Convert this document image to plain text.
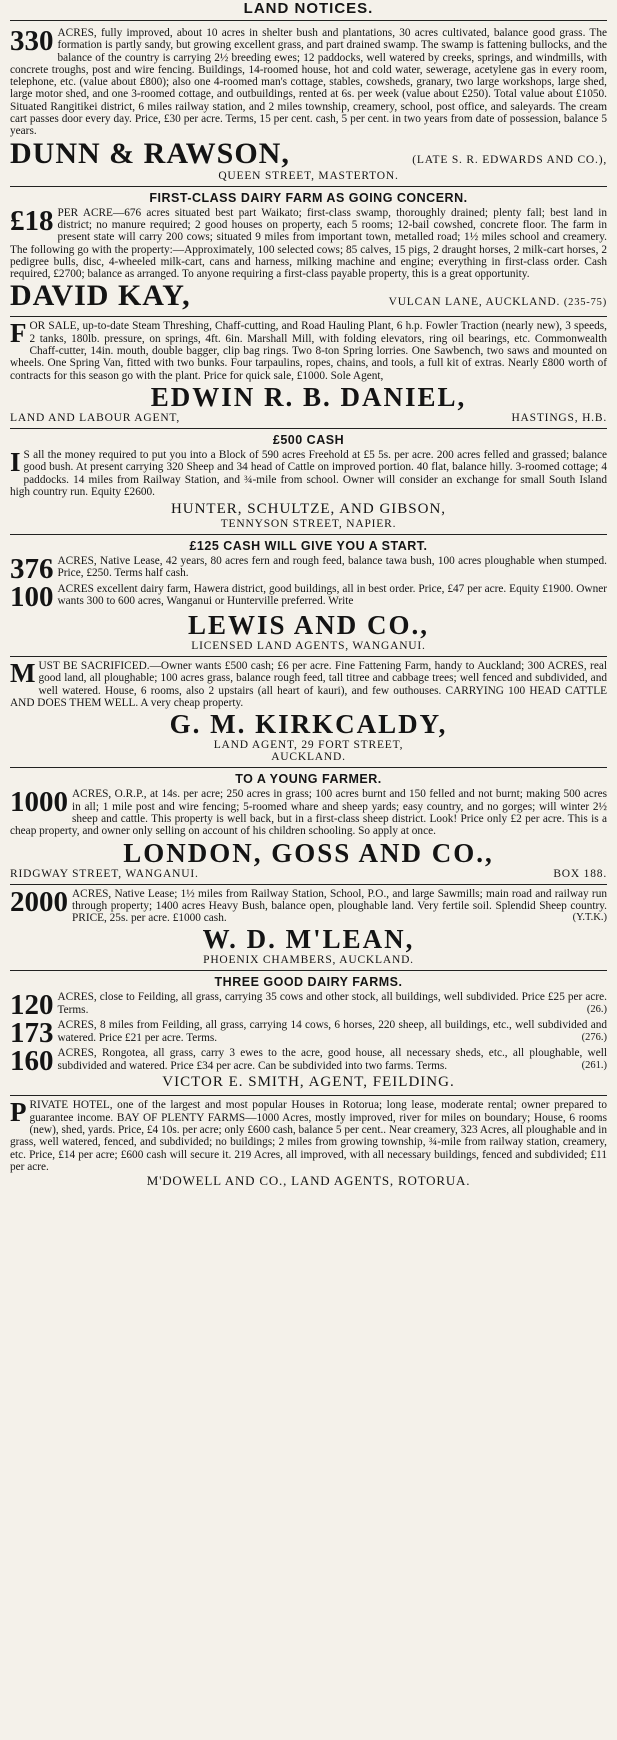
LAND NOTICES.
330 ACRES, fully improved, about 10 acres in shelter bush and plantations, 30 acres cultivated, balance good grass. The formation is partly sandy, but growing excellent grass, and part drained swamp. The swamp is fattening bullocks, and the balance of the country is carrying 2½ breeding ewes; 12 paddocks, well watered by creeks, springs, and windmills, with concrete troughs, post and wire fencing. Buildings, 14-roomed house, hot and cold water, sewerage, acetylene gas in every room, telephone, etc. (value about £800); also one 4-roomed man's cottage, stables, cowsheds, granary, two large workshops, large shed, large motor shed, and one 3-roomed cottage, and outbuildings, rented at 6s. per week (value about £250). Total value about £1050. Situated Rangitikei district, 6 miles railway station, and 2 miles township, creamery, school, post office, and saleyards. The cream cart passes door every day. Price, £30 per acre. Terms, 15 per cent. cash, 5 per cent. in two years from date of possession, balance 5 years.
DUNN & RAWSON,	(LATE S. R. EDWARDS AND CO.),
QUEEN STREET, MASTERTON.
FIRST-CLASS DAIRY FARM AS GOING CONCERN.
£18 PER ACRE—676 acres situated best part Waikato; first-class swamp, thoroughly drained; plenty fall; best land in district; no manure required; 2 good houses on property, each 5 rooms; 12-bail cowshed, concrete floor. The farm in present state will carry 200 cows; situated 9 miles from important town, metalled road; 1½ miles school and creamery. The following go with the property:—Approximately, 100 selected cows; 85 calves, 15 pigs, 2 draught horses, 2 milk-cart horses, 2 pedigree bulls, disc, 4-wheeled milk-cart, cans and harness, milking machine and engine; everything in first-class order. Cash required, £2700; balance as arranged. To anyone requiring a first-class payable property, this is a great opportunity.
DAVID KAY,	VULCAN LANE, AUCKLAND. (235-75)
F OR SALE, up-to-date Steam Threshing, Chaff-cutting, and Road Hauling Plant, 6 h.p. Fowler Traction (nearly new), 3 speeds, 2 tanks, 180lb. pressure, on springs, 4ft. 6in. Marshall Mill, with folding elevators, ring oil bearings, etc. Commonwealth Chaff-cutter, 14in. mouth, double bagger, clip bag rings. Two 8-ton Spring lorries. One Sawbench, two saws and mounted on wheels. One Spring Van, fitted with two bunks. Four tarpaulins, ropes, chains, and tools, a full kit of extras. Nearly £800 worth of contracts for this season go with the plant. Price for quick sale, £1000. Sole Agent,
EDWIN R. B. DANIEL,
LAND AND LABOUR AGENT,	HASTINGS, H.B.
£500 CASH
I S all the money required to put you into a Block of 590 acres Freehold at £5 5s. per acre. 200 acres felled and grassed; balance good bush. At present carrying 320 Sheep and 34 head of Cattle on improved portion. 40 flat, balance hilly. 3-roomed cottage; 4 paddocks. 14 miles from Railway Station, and ¾-mile from school. Owner will consider an exchange for small South Island high country run. Equity £2600.
HUNTER, SCHULTZE, AND GIBSON,
TENNYSON STREET, NAPIER.
£125 CASH WILL GIVE YOU A START.
376 ACRES, Native Lease, 42 years, 80 acres fern and rough feed, balance tawa bush, 100 acres ploughable when stumped. Price, £250. Terms half cash.
100 ACRES excellent dairy farm, Hawera district, good buildings, all in best order. Price, £47 per acre. Equity £1900. Owner wants 300 to 600 acres, Wanganui or Hunterville preferred. Write
LEWIS AND CO.,
LICENSED LAND AGENTS, WANGANUI.
M UST BE SACRIFICED.—Owner wants £500 cash; £6 per acre. Fine Fattening Farm, handy to Auckland; 300 ACRES, real good land, all ploughable; 100 acres grass, balance rough feed, tall titree and cabbage trees; well fenced and subdivided, and well watered. House, 6 rooms, also 2 upstairs (all heart of kauri), and few outhouses. CARRYING 100 HEAD CATTLE AND DOES THEM WELL. A very cheap property.
G. M. KIRKCALDY,
LAND AGENT, 29 FORT STREET,
AUCKLAND.
TO A YOUNG FARMER.
1000 ACRES, O.R.P., at 14s. per acre; 250 acres in grass; 100 acres burnt and 150 felled and not burnt; making 500 acres in all; 1 mile post and wire fencing; 5-roomed whare and sheep yards; easy country, and no gorges; will winter 2½ sheep and cattle. This property is well back, but in a first-class sheep district. Look! Price only £2 per acre. This is a cheap property, and owner only selling on account of his children schooling. So apply at once.
LONDON, GOSS AND CO.,
RIDGWAY STREET, WANGANUI.	BOX 188.
2000 ACRES, Native Lease; 1½ miles from Railway Station, School, P.O., and large Sawmills; main road and railway run through property; 1400 acres Heavy Bush, balance open, ploughable land. Very fertile soil. Splendid Sheep country. PRICE, 25s. per acre. £1000 cash.	(Y.T.K.)
W. D. M'LEAN,
PHOENIX CHAMBERS, AUCKLAND.
THREE GOOD DAIRY FARMS.
120 ACRES, close to Feilding, all grass, carrying 35 cows and other stock, all buildings, well subdivided. Price £25 per acre. Terms.	(26.)
173 ACRES, 8 miles from Feilding, all grass, carrying 14 cows, 6 horses, 220 sheep, all buildings, etc., well subdivided and watered. Price £21 per acre. Terms.	(276.)
160 ACRES, Rongotea, all grass, carry 3 ewes to the acre, good house, all necessary sheds, etc., all ploughable, well subdivided and watered. Price £34 per acre. Can be subdivided into two farms. Terms.	(261.)
VICTOR E. SMITH, AGENT, FEILDING.
P RIVATE HOTEL, one of the largest and most popular Houses in Rotorua; long lease, moderate rental; owner prepared to guarantee income. BAY OF PLENTY FARMS—1000 Acres, mostly improved, river for miles on boundary; House, 6 rooms (new), shed, yards. Price, £4 10s. per acre; only £600 cash, balance 5 per cent.. Near creamery, 323 Acres, all ploughable and in grass, well watered, fenced, and subdivided; no buildings; 2 miles from growing township, ¾-mile from railway station, creamery, etc. Price, £14 per acre; £600 cash will secure it. 219 Acres, all improved, with all necessary buildings, fenced and subdivided; £11 per acre.
M'DOWELL AND CO., LAND AGENTS, ROTORUA.
